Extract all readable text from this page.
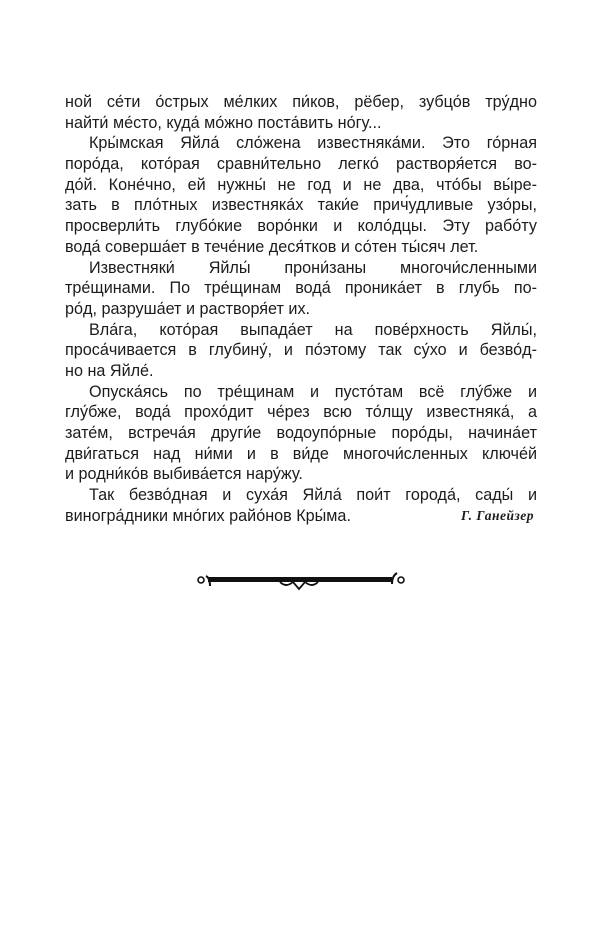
ной се́ти о́стрых ме́лких пи́ков, рёбер, зубцо́в тру́дно
найти́ ме́сто, куда́ мо́жно поста́вить но́гу...
Кры́мская Яйла́ сло́жена известняка́ми. Это го́рная
поро́да, кото́рая сравни́тельно легко́ растворя́ется во-
до́й. Коне́чно, ей нужны́ не год и не два, что́бы вы́ре-
зать в пло́тных известняка́х таки́е прич́удливые узо́ры,
просверли́ть глубо́кие воро́нки и коло́дцы. Эту рабо́ту
вода́ соверша́ет в тече́ние деся́тков и со́тен ты́сяч лет.
Известняки́ Яйлы́ прони́заны многочи́сленными
тре́щинами. По тре́щинам вода́ проника́ет в глубь по-
ро́д, разруша́ет и растворя́ет их.
Вла́га, кото́рая выпада́ет на пове́рхность Яйлы́,
проса́чивается в глубину́, и по́этому так су́хо и безво́д-
но на Яйле́.
Опуска́ясь по тре́щинам и пусто́там всё глу́бже и
глу́бже, вода́ прохо́дит че́рез всю то́лщу известняка́, а
зате́м, встреча́я други́е водоупо́рные поро́ды, начина́ет
дви́гаться над ни́ми и в ви́де многочи́сленных ключе́й
и родни́ко́в выбива́ется нару́жу.
Так безво́дная и суха́я Яйла́ пои́т города́, сады́ и
виногра́дники мно́гих райо́нов Кры́ма.	Г. Ганейзер
